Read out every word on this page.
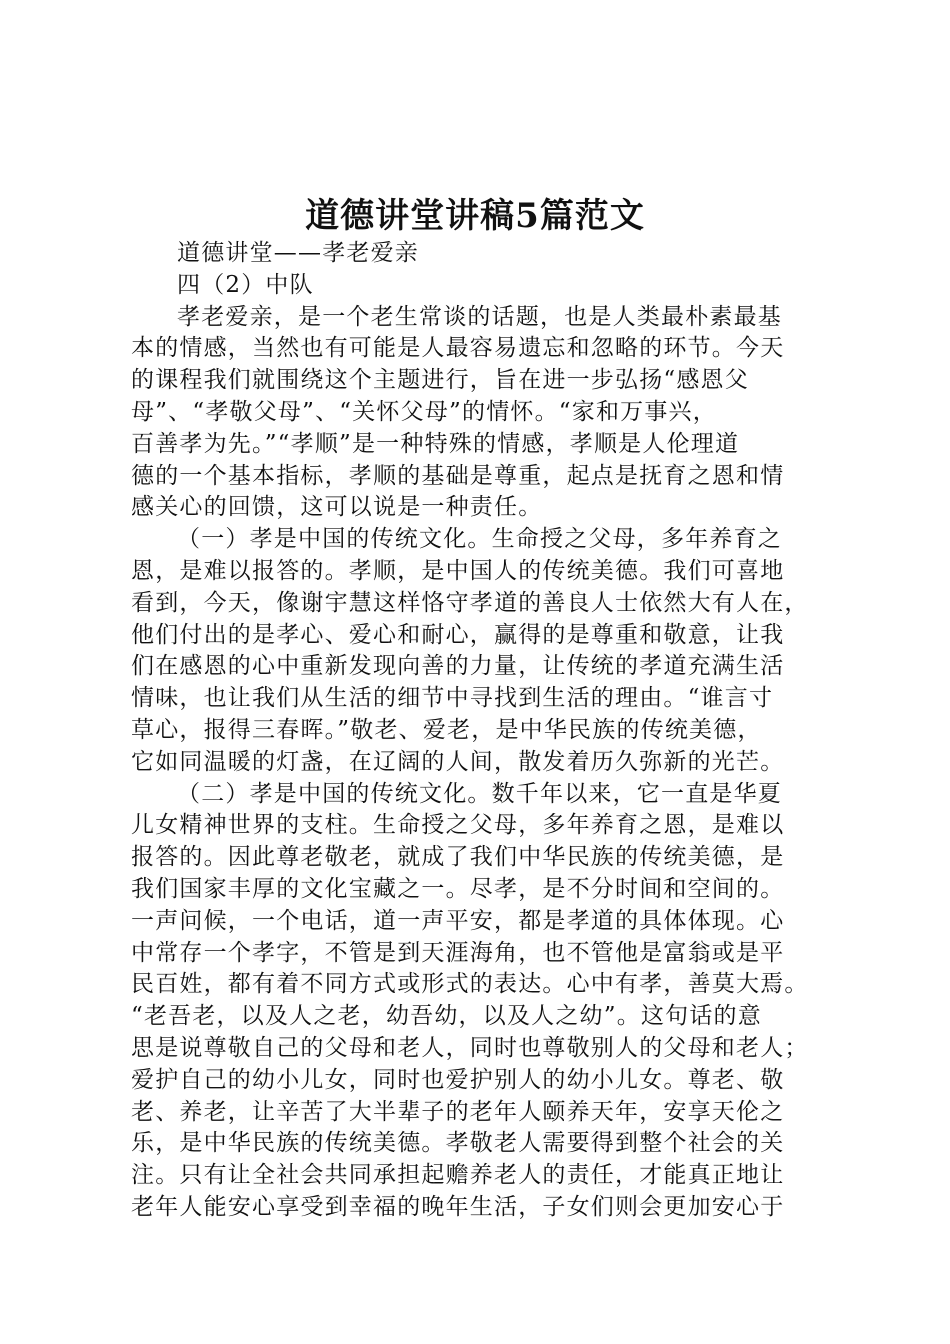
道德讲堂讲稿5篇范文
道德讲堂——孝老爱亲
四（2）中队
孝老爱亲，是一个老生常谈的话题，也是人类最朴素最基
本的情感，当然也有可能是人最容易遗忘和忽略的环节。今天
的课程我们就围绕这个主题进行，旨在进一步弘扬“感恩父
母”、“孝敬父母”、“关怀父母”的情怀。“家和万事兴，
百善孝为先。”“孝顺”是一种特殊的情感，孝顺是人伦理道
德的一个基本指标，孝顺的基础是尊重，起点是抚育之恩和情
感关心的回馈，这可以说是一种责任。
（一）孝是中国的传统文化。生命授之父母，多年养育之
恩，是难以报答的。孝顺，是中国人的传统美德。我们可喜地
看到，今天，像谢宇慧这样恪守孝道的善良人士依然大有人在，
他们付出的是孝心、爱心和耐心，赢得的是尊重和敬意，让我
们在感恩的心中重新发现向善的力量，让传统的孝道充满生活
情味，也让我们从生活的细节中寻找到生活的理由。“谁言寸
草心，报得三春晖。”敬老、爱老，是中华民族的传统美德，
它如同温暖的灯盏，在辽阔的人间，散发着历久弥新的光芒。
（二）孝是中国的传统文化。数千年以来，它一直是华夏
儿女精神世界的支柱。生命授之父母，多年养育之恩，是难以
报答的。因此尊老敬老，就成了我们中华民族的传统美德，是
我们国家丰厚的文化宝藏之一。尽孝，是不分时间和空间的。
一声问候，一个电话，道一声平安，都是孝道的具体体现。心
中常存一个孝字，不管是到天涯海角，也不管他是富翁或是平
民百姓，都有着不同方式或形式的表达。心中有孝，善莫大焉。
“老吾老，以及人之老，幼吾幼，以及人之幼”。这句话的意
思是说尊敬自己的父母和老人，同时也尊敬别人的父母和老人；
爱护自己的幼小儿女，同时也爱护别人的幼小儿女。尊老、敬
老、养老，让辛苦了大半辈子的老年人颐养天年，安享天伦之
乐，是中华民族的传统美德。孝敬老人需要得到整个社会的关
注。只有让全社会共同承担起赡养老人的责任，才能真正地让
老年人能安心享受到幸福的晚年生活，子女们则会更加安心于
